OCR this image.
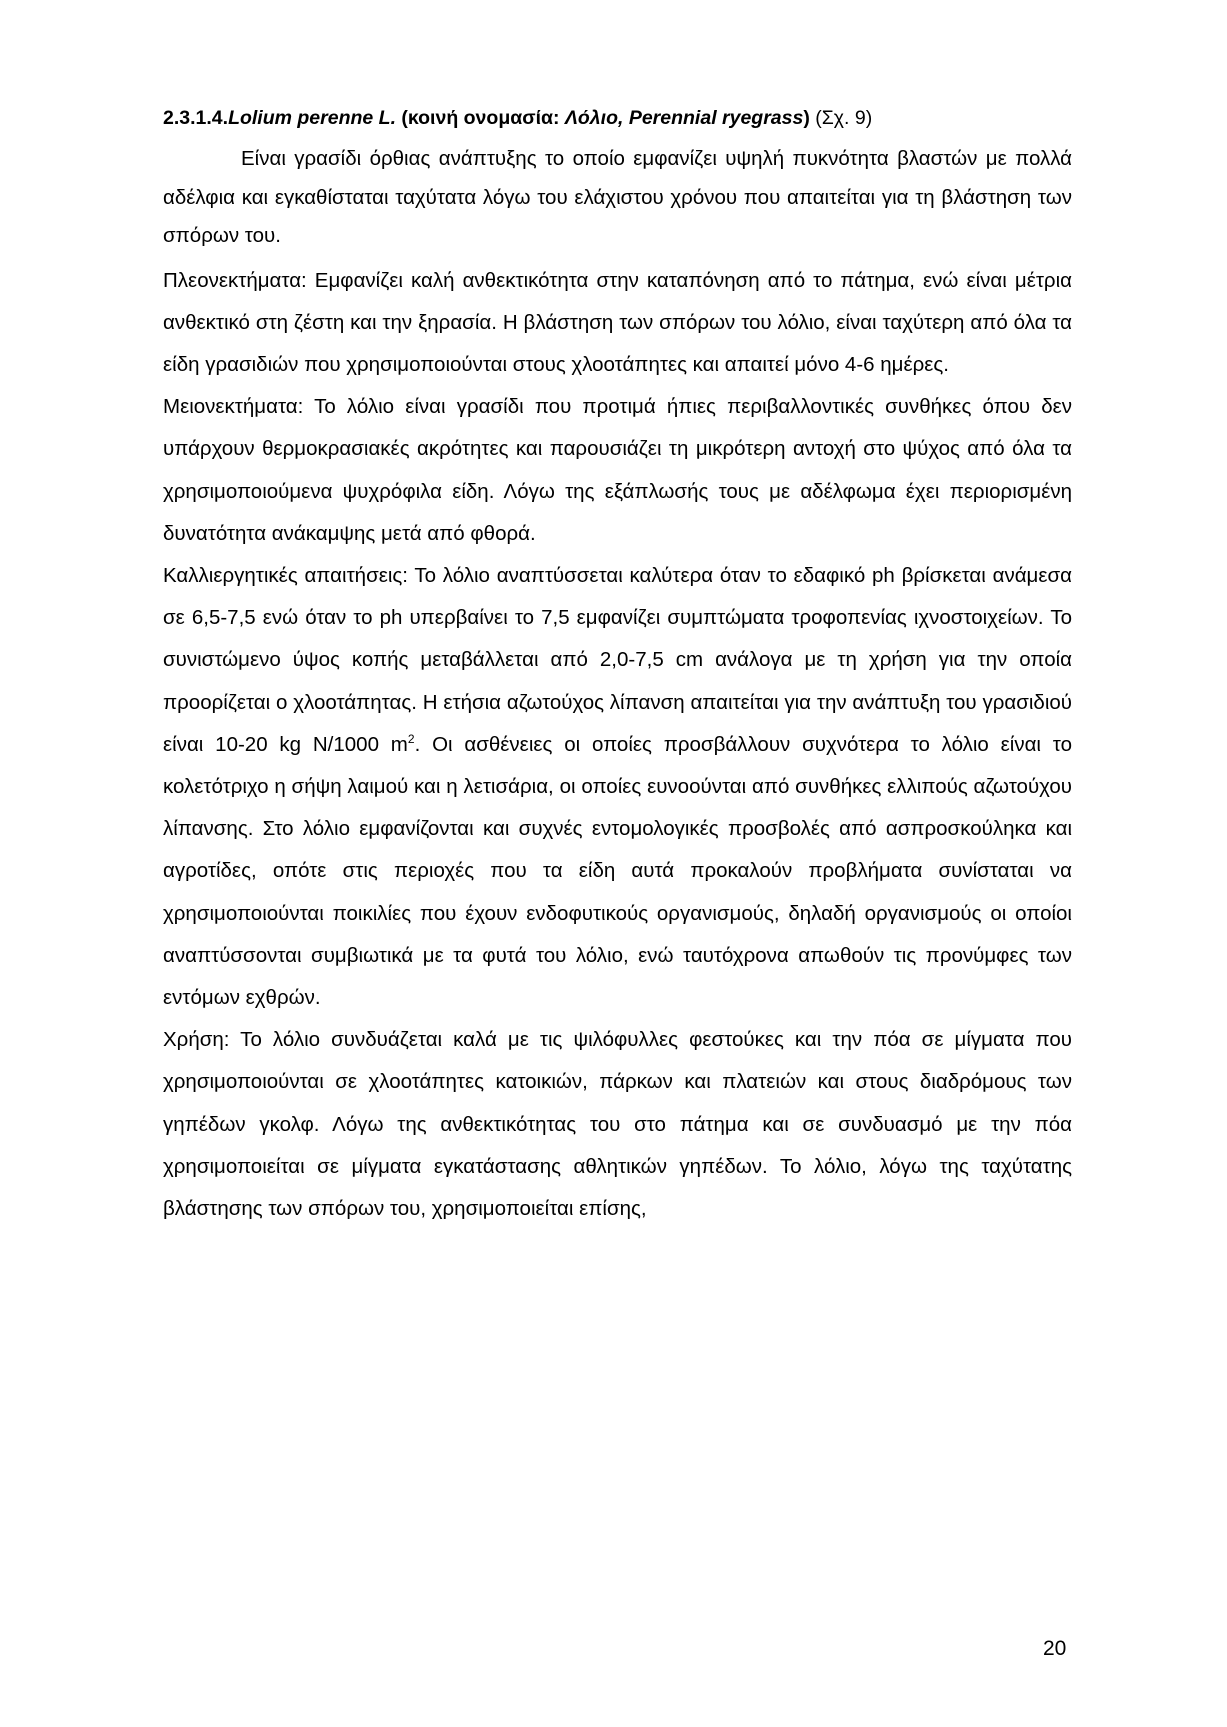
2.3.1.4.Lolium perenne L. (κοινή ονομασία: Λόλιο, Perennial ryegrass) (Σχ. 9)

Είναι γρασίδι όρθιας ανάπτυξης το οποίο εμφανίζει υψηλή πυκνότητα βλαστών με πολλά αδέλφια και εγκαθίσταται ταχύτατα λόγω του ελάχιστου χρόνου που απαιτείται για τη βλάστηση των σπόρων του.

Πλεονεκτήματα: Εμφανίζει καλή ανθεκτικότητα στην καταπόνηση από το πάτημα, ενώ είναι μέτρια ανθεκτικό στη ζέστη και την ξηρασία. Η βλάστηση των σπόρων του λόλιο, είναι ταχύτερη από όλα τα είδη γρασιδιών που χρησιμοποιούνται στους χλοοτάπητες και απαιτεί μόνο 4-6 ημέρες.

Μειονεκτήματα: Το λόλιο είναι γρασίδι που προτιμά ήπιες περιβαλλοντικές συνθήκες όπου δεν υπάρχουν θερμοκρασιακές ακρότητες και παρουσιάζει τη μικρότερη αντοχή στο ψύχος από όλα τα χρησιμοποιούμενα ψυχρόφιλα είδη. Λόγω της εξάπλωσής τους με αδέλφωμα έχει περιορισμένη δυνατότητα ανάκαμψης μετά από φθορά.

Καλλιεργητικές απαιτήσεις: Το λόλιο αναπτύσσεται καλύτερα όταν το εδαφικό ph βρίσκεται ανάμεσα σε 6,5-7,5 ενώ όταν το ph υπερβαίνει το 7,5 εμφανίζει συμπτώματα τροφοπενίας ιχνοστοιχείων. Το συνιστώμενο ύψος κοπής μεταβάλλεται από 2,0-7,5 cm ανάλογα με τη χρήση για την οποία προορίζεται ο χλοοτάπητας. Η ετήσια αζωτούχος λίπανση απαιτείται για την ανάπτυξη του γρασιδιού είναι 10-20 kg N/1000 $m^2$. Οι ασθένειες οι οποίες προσβάλλουν συχνότερα το λόλιο είναι το κολετότριχο η σήψη λαιμού και η λετισάρια, οι οποίες ευνοούνται από συνθήκες ελλιπούς αζωτούχου λίπανσης. Στο λόλιο εμφανίζονται και συχνές εντομολογικές προσβολές από ασπροσκούληκα και αγροτίδες, οπότε στις περιοχές που τα είδη αυτά προκαλούν προβλήματα συνίσταται να χρησιμοποιούνται ποικιλίες που έχουν ενδοφυτικούς οργανισμούς, δηλαδή οργανισμούς οι οποίοι αναπτύσσονται συμβιωτικά με τα φυτά του λόλιο, ενώ ταυτόχρονα απωθούν τις προνύμφες των εντόμων εχθρών.

Χρήση: Το λόλιο συνδυάζεται καλά με τις ψιλόφυλλες φεστούκες και την πόα σε μίγματα που χρησιμοποιούνται σε χλοοτάπητες κατοικιών, πάρκων και πλατειών και στους διαδρόμους των γηπέδων γκολφ. Λόγω της ανθεκτικότητας του στο πάτημα και σε συνδυασμό με την πόα χρησιμοποιείται σε μίγματα εγκατάστασης αθλητικών γηπέδων. Το λόλιο, λόγω της ταχύτατης βλάστησης των σπόρων του, χρησιμοποιείται επίσης,

20
